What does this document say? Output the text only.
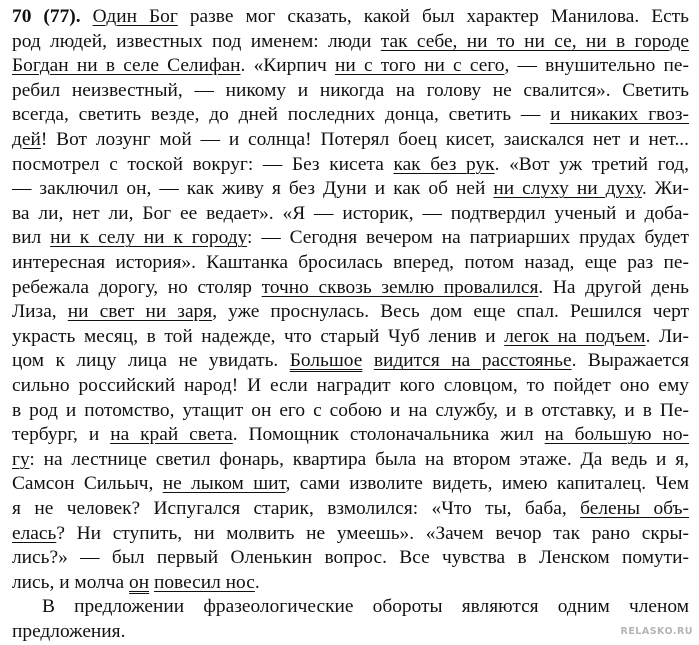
70 (77). Один Бог разве мог сказать, какой был характер Манилова. Есть
род людей, известных под именем: люди так себе, ни то ни се, ни в городе
Богдан ни в селе Селифан. «Кирпич ни с того ни с сего, — внушительно пе-
ребил неизвестный, — никому и никогда на голову не свалится». Светить
всегда, светить везде, до дней последних донца, светить — и никаких гвоз-
дей! Вот лозунг мой — и солнца! Потерял боец кисет, заискался нет и нет...
посмотрел с тоской вокруг: — Без кисета как без рук. «Вот уж третий год,
— заключил он, — как живу я без Дуни и как об ней ни слуху ни духу. Жи-
ва ли, нет ли, Бог ее ведает». «Я — историк, — подтвердил ученый и доба-
вил ни к селу ни к городу: — Сегодня вечером на патриарших прудах будет
интересная история». Каштанка бросилась вперед, потом назад, еще раз пе-
ребежала дорогу, но столяр точно сквозь землю провалился. На другой день
Лиза, ни свет ни заря, уже проснулась. Весь дом еще спал. Решился черт
украсть месяц, в той надежде, что старый Чуб ленив и легок на подъем. Ли-
цом к лицу лица не увидать. Большое видится на расстоянье. Выражается
сильно российский народ! И если наградит кого словцом, то пойдет оно ему
в род и потомство, утащит он его с собою и на службу, и в отставку, и в Пе-
тербург, и на край света. Помощник столоначальника жил на большую но-
гу: на лестнице светил фонарь, квартира была на втором этаже. Да ведь и я,
Самсон Сильыч, не лыком шит, сами изволите видеть, имею капиталец. Чем
я не человек? Испугался старик, взмолился: «Что ты, баба, белены объ-
елась? Ни ступить, ни молвить не умеешь». «Зачем вечор так рано скры-
лись?» — был первый Оленькин вопрос. Все чувства в Ленском помути-
лись, и молча он повесил нос.
В предложении фразеологические обороты являются одним членом
предложения.	RELASKO.RU
